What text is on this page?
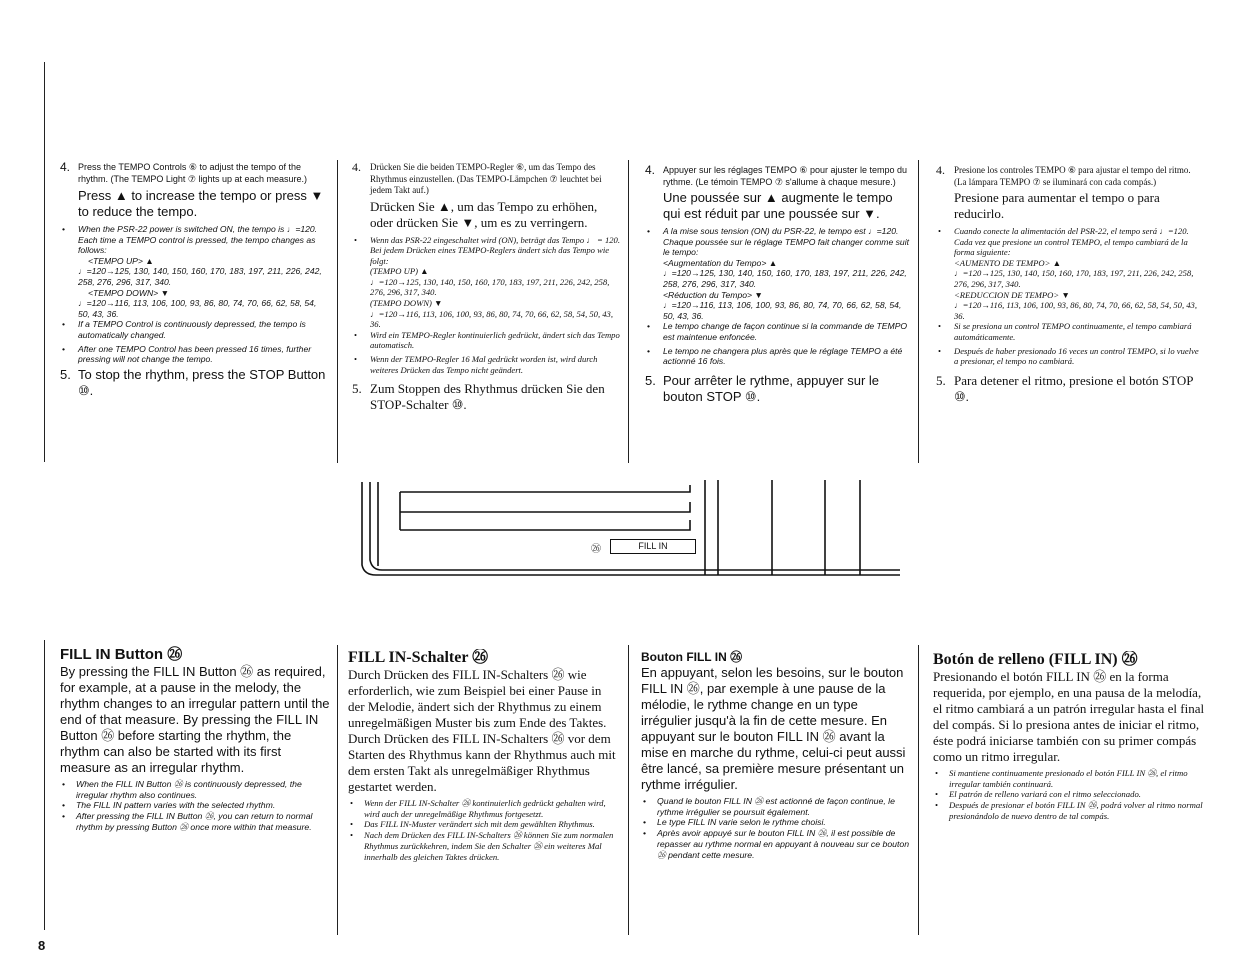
4. Press the TEMPO Controls ⑥ to adjust the tempo of the rhythm. (The TEMPO Light ⑦ lights up at each measure.)
Press ▲ to increase the tempo or press ▼ to reduce the tempo.
• When the PSR-22 power is switched ON, the tempo is ♩=120. Each time a TEMPO control is pressed, the tempo changes as follows:
<TEMPO UP> ▲
♩=120→125, 130, 140, 150, 160, 170, 183, 197, 211, 226, 242, 258, 276, 296, 317, 340.
<TEMPO DOWN> ▼
♩=120→116, 113, 106, 100, 93, 86, 80, 74, 70, 66, 62, 58, 54, 50, 43, 36.
• If a TEMPO Control is continuously depressed, the tempo is automatically changed.
• After one TEMPO Control has been pressed 16 times, further pressing will not change the tempo.
5. To stop the rhythm, press the STOP Button ⑩.
4. Drücken Sie die beiden TEMPO-Regler ⑥, um das Tempo des Rhythmus einzustellen. (Das TEMPO-Lämpchen ⑦ leuchtet bei jedem Takt auf.)
Drücken Sie ▲, um das Tempo zu erhöhen, oder drücken Sie ▼, um es zu verringern.
• Wenn das PSR-22 eingeschaltet wird (ON), beträgt das Tempo ♩ = 120. Bei jedem Drücken eines TEMPO-Reglers ändert sich das Tempo wie folgt:
(TEMPO UP) ▲
♩=120→125, 130, 140, 150, 160, 170, 183, 197, 211, 226, 242, 258, 276, 296, 317, 340.
(TEMPO DOWN) ▼
♩=120→116, 113, 106, 100, 93, 86, 80, 74, 70, 66, 62, 58, 54, 50, 43, 36.
• Wird ein TEMPO-Regler kontinuierlich gedrückt, ändert sich das Tempo automatisch.
• Wenn der TEMPO-Regler 16 Mal gedrückt worden ist, wird durch weiteres Drücken das Tempo nicht geändert.
5. Zum Stoppen des Rhythmus drücken Sie den STOP-Schalter ⑩.
4. Appuyer sur les réglages TEMPO ⑥ pour ajuster le tempo du rythme. (Le témoin TEMPO ⑦ s'allume à chaque mesure.)
Une poussée sur ▲ augmente le tempo qui est réduit par une poussée sur ▼.
• A la mise sous tension (ON) du PSR-22, le tempo est ♩=120. Chaque poussée sur le réglage TEMPO fait changer comme suit le tempo:
<Augmentation du Tempo> ▲
♩=120→125, 130, 140, 150, 160, 170, 183, 197, 211, 226, 242, 258, 276, 296, 317, 340.
<Réduction du Tempo> ▼
♩=120→116, 113, 106, 100, 93, 86, 80, 74, 70, 66, 62, 58, 54, 50, 43, 36.
• Le tempo change de façon continue si la commande de TEMPO est maintenue enfoncée.
• Le tempo ne changera plus après que le réglage TEMPO a été actionné 16 fois.
5. Pour arrêter le rythme, appuyer sur le bouton STOP ⑩.
4. Presione los controles TEMPO ⑥ para ajustar el tempo del ritmo. (La lámpara TEMPO ⑦ se iluminará con cada compás.)
Presione para aumentar el tempo o para reducirlo.
• Cuando conecte la alimentación del PSR-22, el tempo será ♩=120. Cada vez que presione un control TEMPO, el tempo cambiará de la forma siguiente:
<AUMENTO DE TEMPO> ▲
♩=120→125, 130, 140, 150, 160, 170, 183, 197, 211, 226, 242, 258, 276, 296, 317, 340.
<REDUCCION DE TEMPO> ▼
♩=120→116, 113, 106, 100, 93, 86, 80, 74, 70, 66, 62, 58, 54, 50, 43, 36.
• Si se presiona un control TEMPO continuamente, el tempo cambiará automáticamente.
• Después de haber presionado 16 veces un control TEMPO, si lo vuelve a presionar, el tempo no cambiará.
5. Para detener el ritmo, presione el botón STOP ⑩.
㉖	FILL IN
FILL IN Button ㉖
By pressing the FILL IN Button ㉖ as required, for example, at a pause in the melody, the rhythm changes to an irregular pattern until the end of that measure. By pressing the FILL IN Button ㉖ before starting the rhythm, the rhythm can also be started with its first measure as an irregular rhythm.
• When the FILL IN Button ㉖ is continuously depressed, the irregular rhythm also continues.
• The FILL IN pattern varies with the selected rhythm.
• After pressing the FILL IN Button ㉖, you can return to normal rhythm by pressing Button ㉖ once more within that measure.
FILL IN-Schalter ㉖
Durch Drücken des FILL IN-Schalters ㉖ wie erforderlich, wie zum Beispiel bei einer Pause in der Melodie, ändert sich der Rhythmus zu einem unregelmäßigen Muster bis zum Ende des Taktes. Durch Drücken des FILL IN-Schalters ㉖ vor dem Starten des Rhythmus kann der Rhythmus auch mit dem ersten Takt als unregelmäßiger Rhythmus gestartet werden.
• Wenn der FILL IN-Schalter ㉖ kontinuierlich gedrückt gehalten wird, wird auch der unregelmäßige Rhythmus fortgesetzt.
• Das FILL IN-Muster verändert sich mit dem gewählten Rhythmus.
• Nach dem Drücken des FILL IN-Schalters ㉖ können Sie zum normalen Rhythmus zurückkehren, indem Sie den Schalter ㉖ ein weiteres Mal innerhalb des gleichen Taktes drücken.
Bouton FILL IN ㉖
En appuyant, selon les besoins, sur le bouton FILL IN ㉖, par exemple à une pause de la mélodie, le rythme change en un type irrégulier jusqu'à la fin de cette mesure. En appuyant sur le bouton FILL IN ㉖ avant la mise en marche du rythme, celui-ci peut aussi être lancé, sa première mesure présentant un rythme irrégulier.
• Quand le bouton FILL IN ㉖ est actionné de façon continue, le rythme irrégulier se poursuit également.
• Le type FILL IN varie selon le rythme choisi.
• Après avoir appuyé sur le bouton FILL IN ㉖, il est possible de repasser au rythme normal en appuyant à nouveau sur ce bouton ㉖ pendant cette mesure.
Botón de relleno (FILL IN) ㉖
Presionando el botón FILL IN ㉖ en la forma requerida, por ejemplo, en una pausa de la melodía, el ritmo cambiará a un patrón irregular hasta el final del compás. Si lo presiona antes de iniciar el ritmo, éste podrá iniciarse también con su primer compás como un ritmo irregular.
• Si mantiene continuamente presionado el botón FILL IN ㉖, el ritmo irregular también continuará.
• El patrón de relleno variará con el ritmo seleccionado.
• Después de presionar el botón FILL IN ㉖, podrá volver al ritmo normal presionándolo de nuevo dentro de tal compás.
8
